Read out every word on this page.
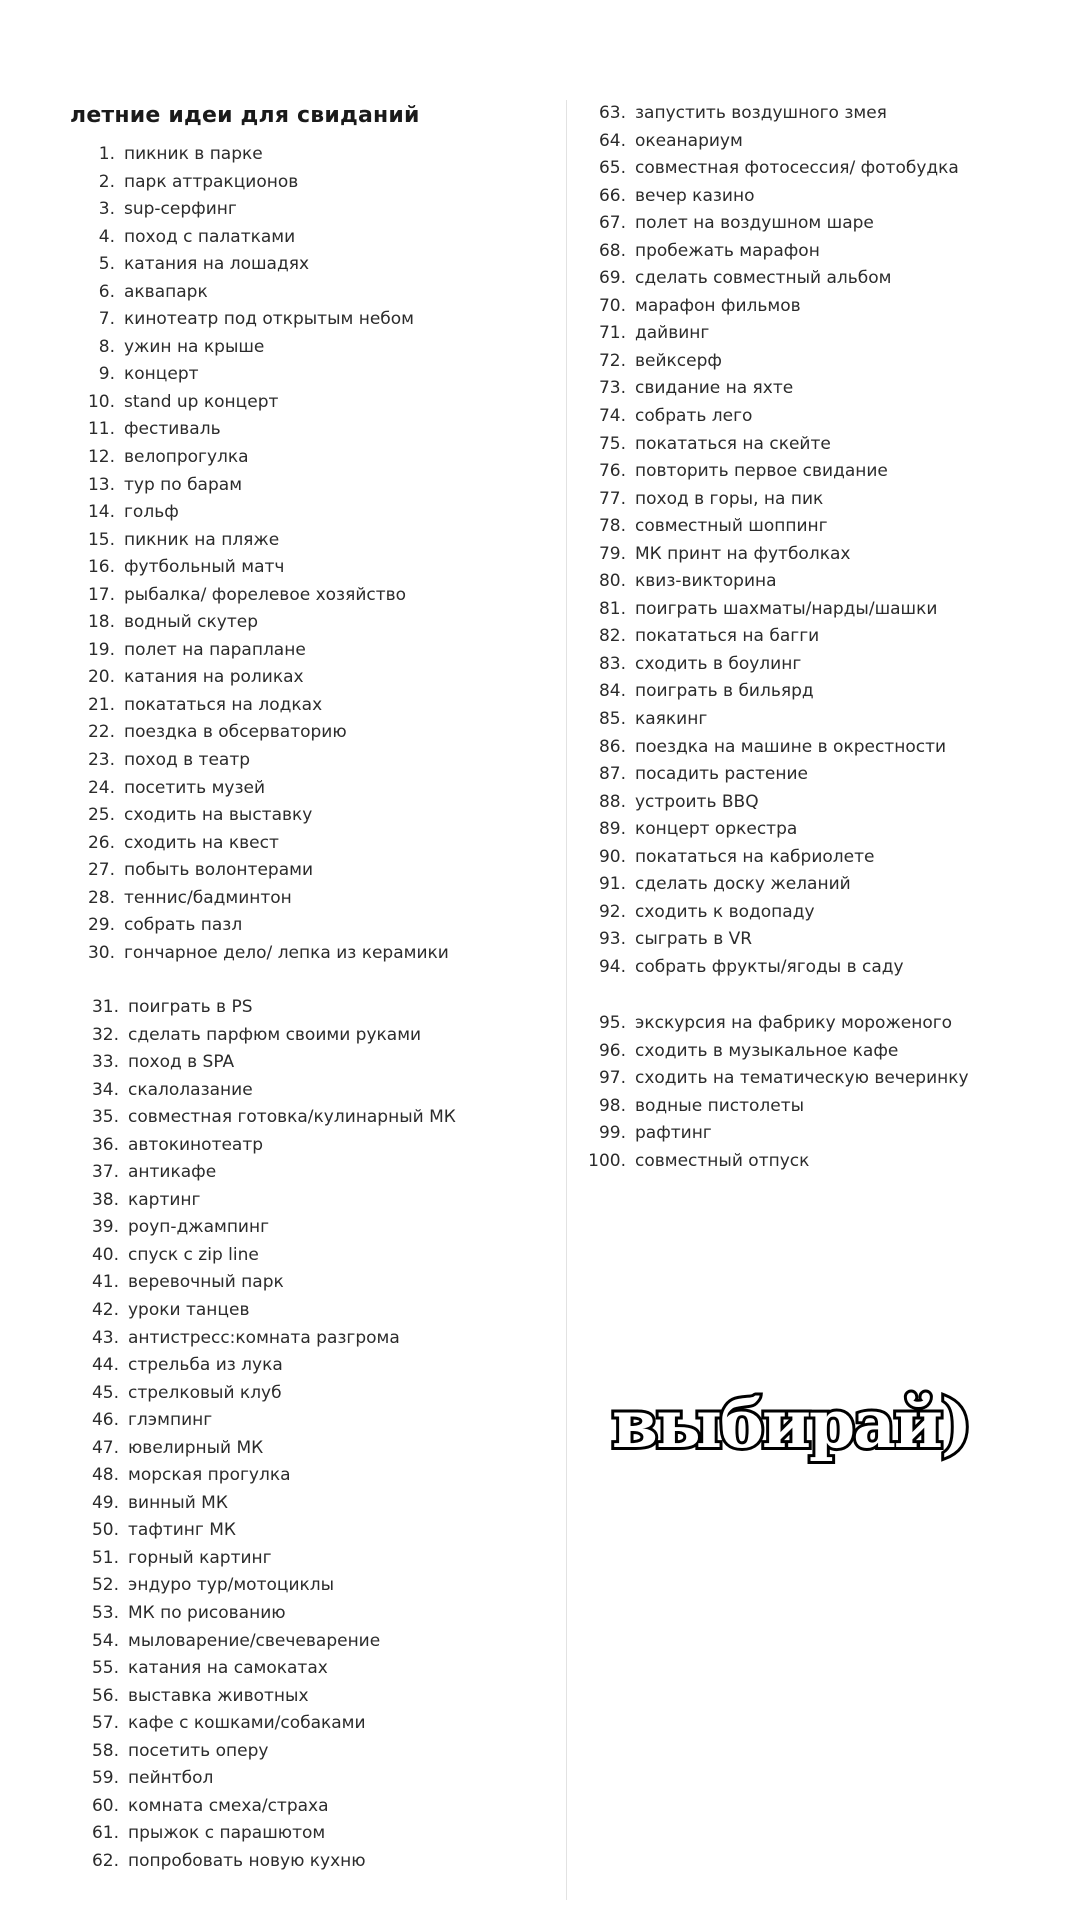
летние идеи для свиданий
1. пикник в парке
2. парк аттракционов
3. sup-серфинг
4. поход с палатками
5. катания на лошадях
6. аквапарк
7. кинотеатр под открытым небом
8. ужин на крыше
9. концерт
10. stand up концерт
11. фестиваль
12. велопрогулка
13. тур по барам
14. гольф
15. пикник на пляже
16. футбольный матч
17. рыбалка/ форелевое хозяйство
18. водный скутер
19. полет на параплане
20. катания на роликах
21. покататься на лодках
22. поездка в обсерваторию
23. поход в театр
24. посетить музей
25. сходить на выставку
26. сходить на квест
27. побыть волонтерами
28. теннис/бадминтон
29. собрать пазл
30. гончарное дело/ лепка из керамики
31. поиграть в PS
32. сделать парфюм своими руками
33. поход в SPA
34. скалолазание
35. совместная готовка/кулинарный МК
36. автокинотеатр
37. антикафе
38. картинг
39. роуп-джампинг
40. спуск с zip line
41. веревочный парк
42. уроки танцев
43. антистресс:комната разгрома
44. стрельба из лука
45. стрелковый клуб
46. глэмпинг
47. ювелирный МК
48. морская прогулка
49. винный МК
50. тафтинг МК
51. горный картинг
52. эндуро тур/мотоциклы
53. МК по рисованию
54. мыловарение/свечеварение
55. катания на самокатах
56. выставка животных
57. кафе с кошками/собаками
58. посетить оперу
59. пейнтбол
60. комната смеха/страха
61. прыжок с парашютом
62. попробовать новую кухню
63. запустить воздушного змея
64. океанариум
65. совместная фотосессия/ фотобудка
66. вечер казино
67. полет на воздушном шаре
68. пробежать марафон
69. сделать совместный альбом
70. марафон фильмов
71. дайвинг
72. вейксерф
73. свидание на яхте
74. собрать лего
75. покататься на скейте
76. повторить первое свидание
77. поход в горы, на пик
78. совместный шоппинг
79. МК принт на футболках
80. квиз-викторина
81. поиграть шахматы/нарды/шашки
82. покататься на багги
83. сходить в боулинг
84. поиграть в бильярд
85. каякинг
86. поездка на машине в окрестности
87. посадить растение
88. устроить BBQ
89. концерт оркестра
90. покататься на кабриолете
91. сделать доску желаний
92. сходить к водопаду
93. сыграть в VR
94. собрать фрукты/ягоды в саду
95. экскурсия на фабрику мороженого
96. сходить в музыкальное кафе
97. сходить на тематическую вечеринку
98. водные пистолеты
99. рафтинг
100. совместный отпуск
выбирай)
